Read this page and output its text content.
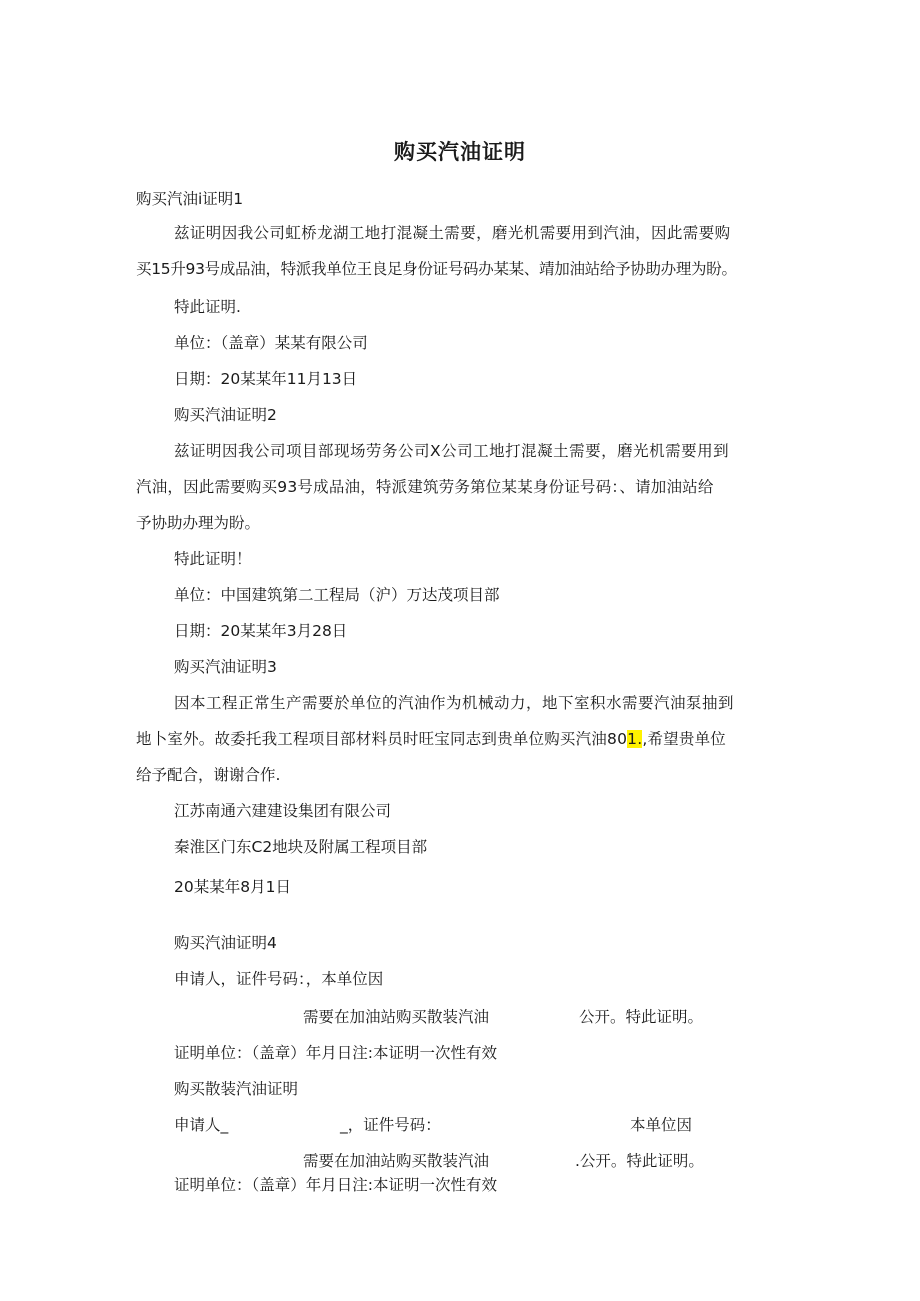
购买汽油证明
购买汽油i证明1
兹证明因我公司虹桥龙湖工地打混凝土需要，磨光机需要用到汽油，因此需要购
买15升93号成品油，特派我单位王良足身份证号码办某某、靖加油站给予协助办理为盼。
特此证明.
单位：（盖章）某某有限公司
日期：20某某年11月13日
购买汽油证明2
兹证明因我公司项目部现场劳务公司X公司工地打混凝土需要，磨光机需要用到
汽油，因此需要购买93号成品油，特派建筑劳务第位某某身份证号码：、请加油站给
予协助办理为盼。
特此证明！
单位：中国建筑第二工程局（沪）万达茂项目部
日期：20某某年3月28日
购买汽油证明3
因本工程正常生产需要於单位的汽油作为机械动力，地下室积水需要汽油泵抽到
地卜室外。故委托我工程项目部材料员时旺宝同志到贵单位购买汽油801.,希望贵单位
给予配合，谢谢合作.
江苏南通六建建设集团有限公司
秦淮区门东C2地块及附属工程项目部
20某某年8月1日
购买汽油证明4
申请人，证件号码：，本单位因
需要在加油站购买散装汽油	公开。特此证明。
证明单位：（盖章）年月日注:本证明一次性有效
购买散装汽油证明
申请人_	_，证件号码：	本单位因
需要在加油站购买散装汽油	.公开。特此证明。
证明单位：（盖章）年月日注:本证明一次性有效
